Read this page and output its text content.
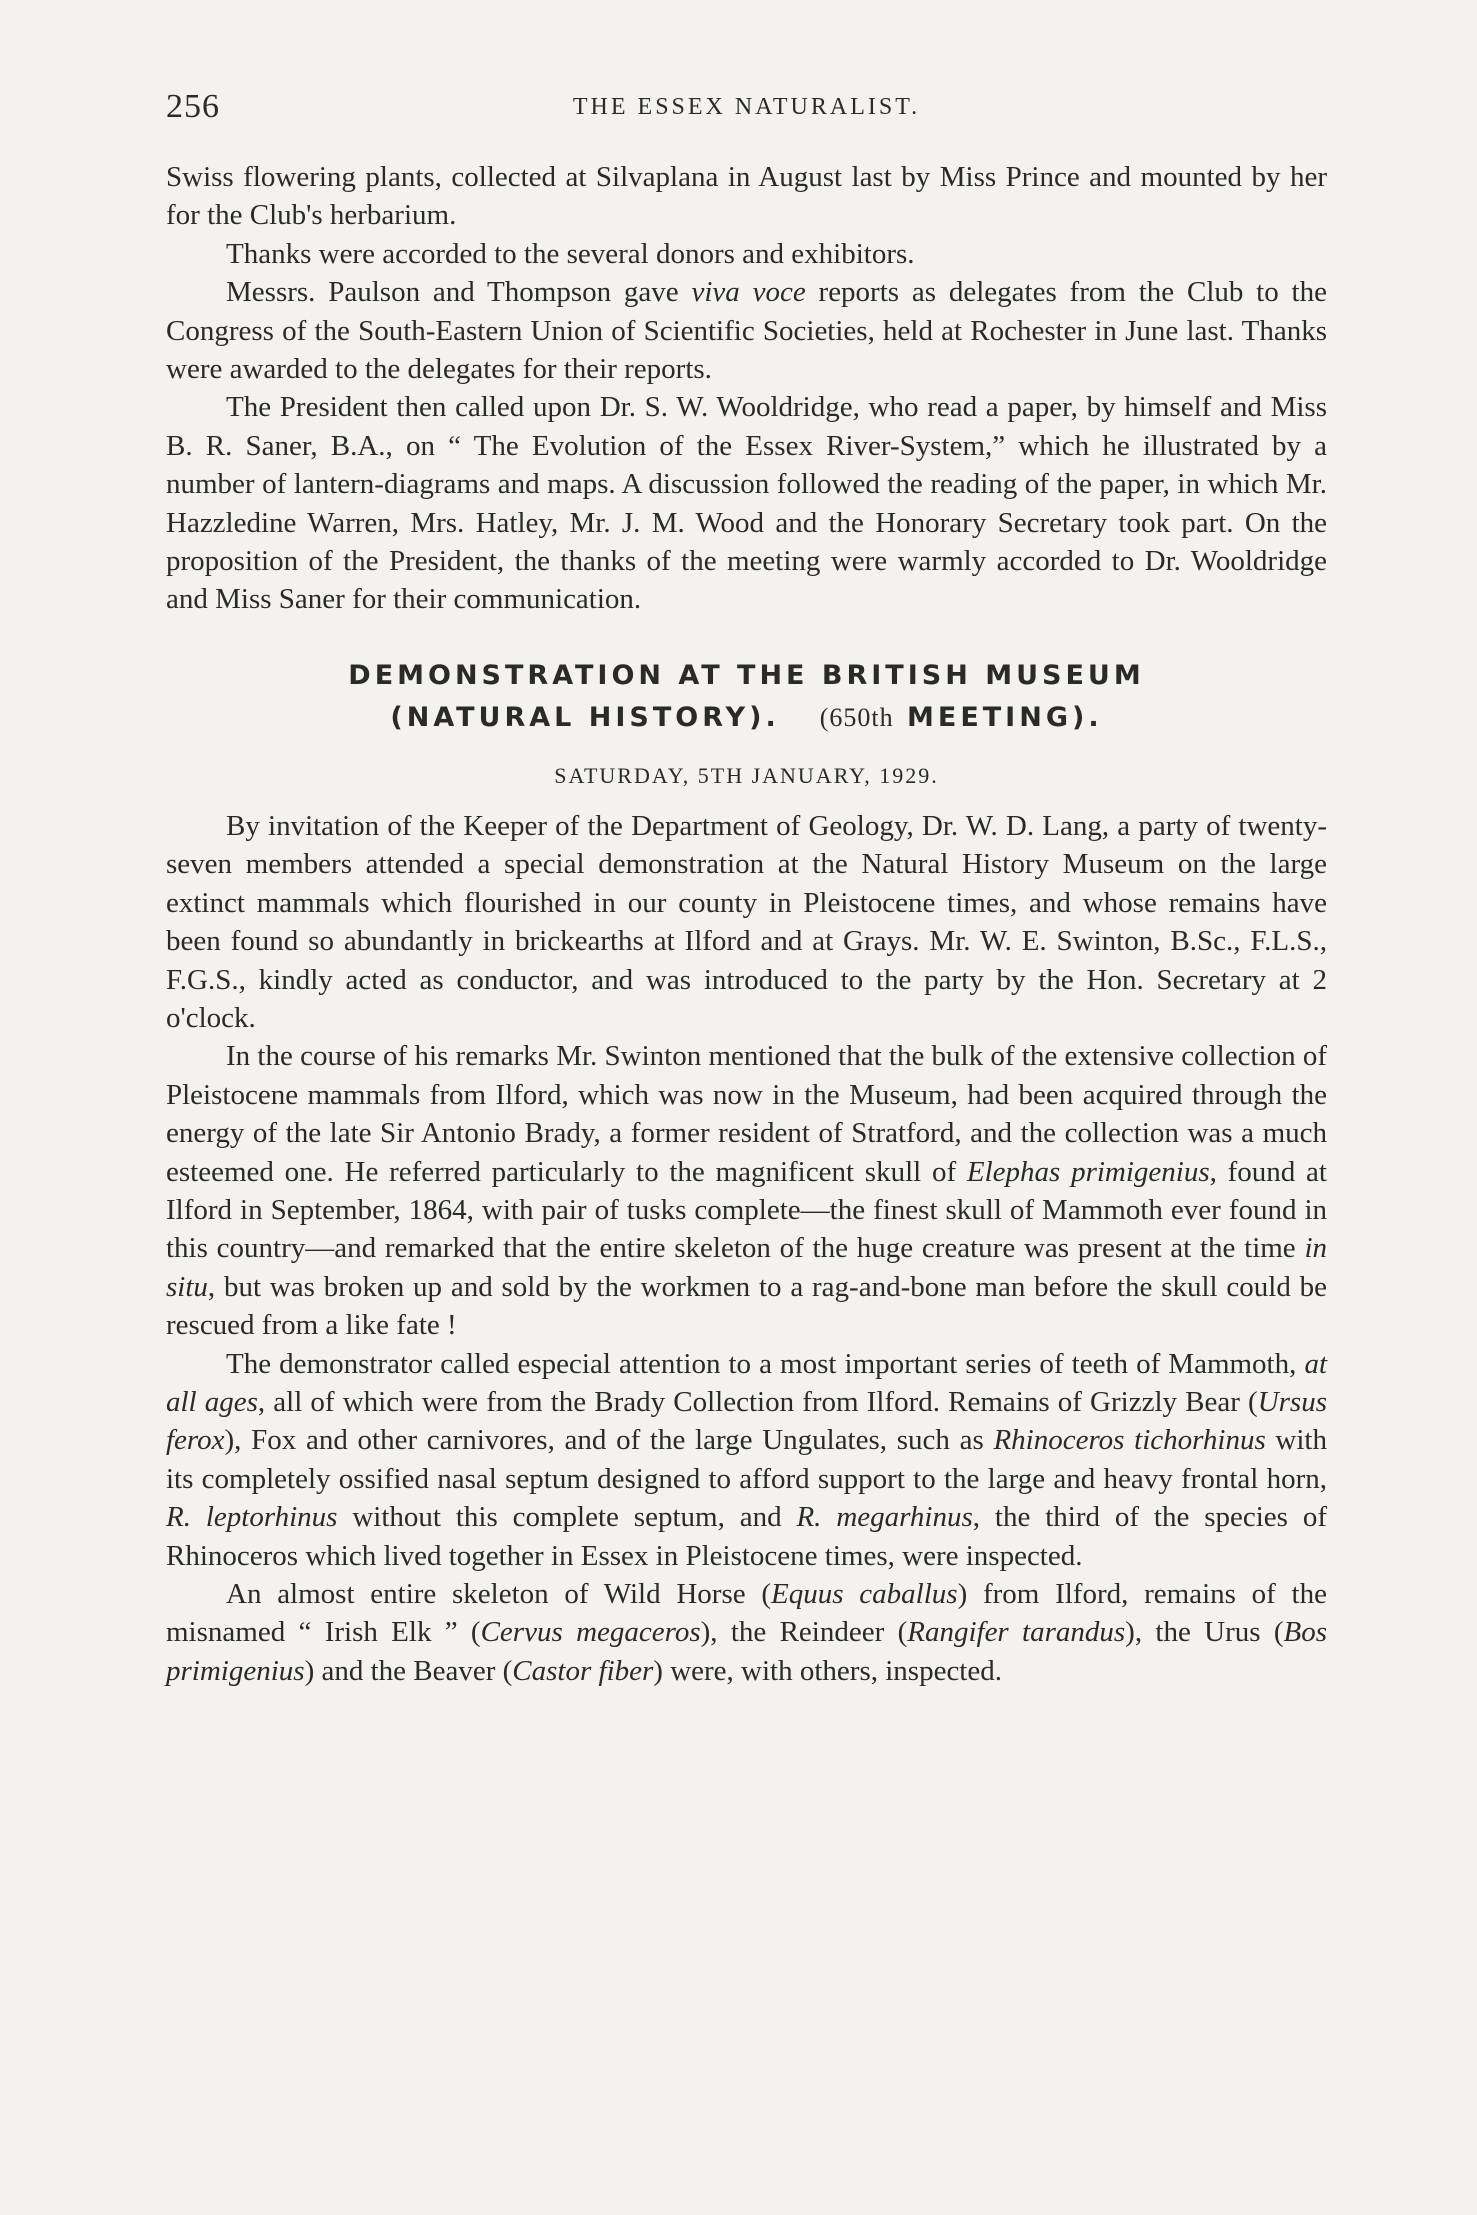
256	THE ESSEX NATURALIST.

Swiss flowering plants, collected at Silvaplana in August last by Miss Prince and mounted by her for the Club's herbarium.

Thanks were accorded to the several donors and exhibitors.

Messrs. Paulson and Thompson gave viva voce reports as delegates from the Club to the Congress of the South-Eastern Union of Scientific Societies, held at Rochester in June last. Thanks were awarded to the delegates for their reports.

The President then called upon Dr. S. W. Wooldridge, who read a paper, by himself and Miss B. R. Saner, B.A., on “ The Evolution of the Essex River-System,” which he illustrated by a number of lantern-diagrams and maps. A discussion followed the reading of the paper, in which Mr. Hazzledine Warren, Mrs. Hatley, Mr. J. M. Wood and the Honorary Secretary took part. On the proposition of the President, the thanks of the meeting were warmly accorded to Dr. Wooldridge and Miss Saner for their communication.

DEMONSTRATION AT THE BRITISH MUSEUM
(NATURAL HISTORY). (650th MEETING).
SATURDAY, 5TH JANUARY, 1929.

By invitation of the Keeper of the Department of Geology, Dr. W. D. Lang, a party of twenty-seven members attended a special demonstration at the Natural History Museum on the large extinct mammals which flourished in our county in Pleistocene times, and whose remains have been found so abundantly in brickearths at Ilford and at Grays. Mr. W. E. Swinton, B.Sc., F.L.S., F.G.S., kindly acted as conductor, and was introduced to the party by the Hon. Secretary at 2 o'clock.

In the course of his remarks Mr. Swinton mentioned that the bulk of the extensive collection of Pleistocene mammals from Ilford, which was now in the Museum, had been acquired through the energy of the late Sir Antonio Brady, a former resident of Stratford, and the collection was a much esteemed one. He referred particularly to the magnificent skull of Elephas primigenius, found at Ilford in September, 1864, with pair of tusks complete—the finest skull of Mammoth ever found in this country—and remarked that the entire skeleton of the huge creature was present at the time in situ, but was broken up and sold by the workmen to a rag-and-bone man before the skull could be rescued from a like fate !

The demonstrator called especial attention to a most important series of teeth of Mammoth, at all ages, all of which were from the Brady Collection from Ilford. Remains of Grizzly Bear (Ursus ferox), Fox and other carnivores, and of the large Ungulates, such as Rhinoceros tichorhinus with its completely ossified nasal septum designed to afford support to the large and heavy frontal horn, R. leptorhinus without this complete septum, and R. megarhinus, the third of the species of Rhinoceros which lived together in Essex in Pleistocene times, were inspected.

An almost entire skeleton of Wild Horse (Equus caballus) from Ilford, remains of the misnamed “ Irish Elk ” (Cervus megaceros), the Reindeer (Rangifer tarandus), the Urus (Bos primigenius) and the Beaver (Castor fiber) were, with others, inspected.
